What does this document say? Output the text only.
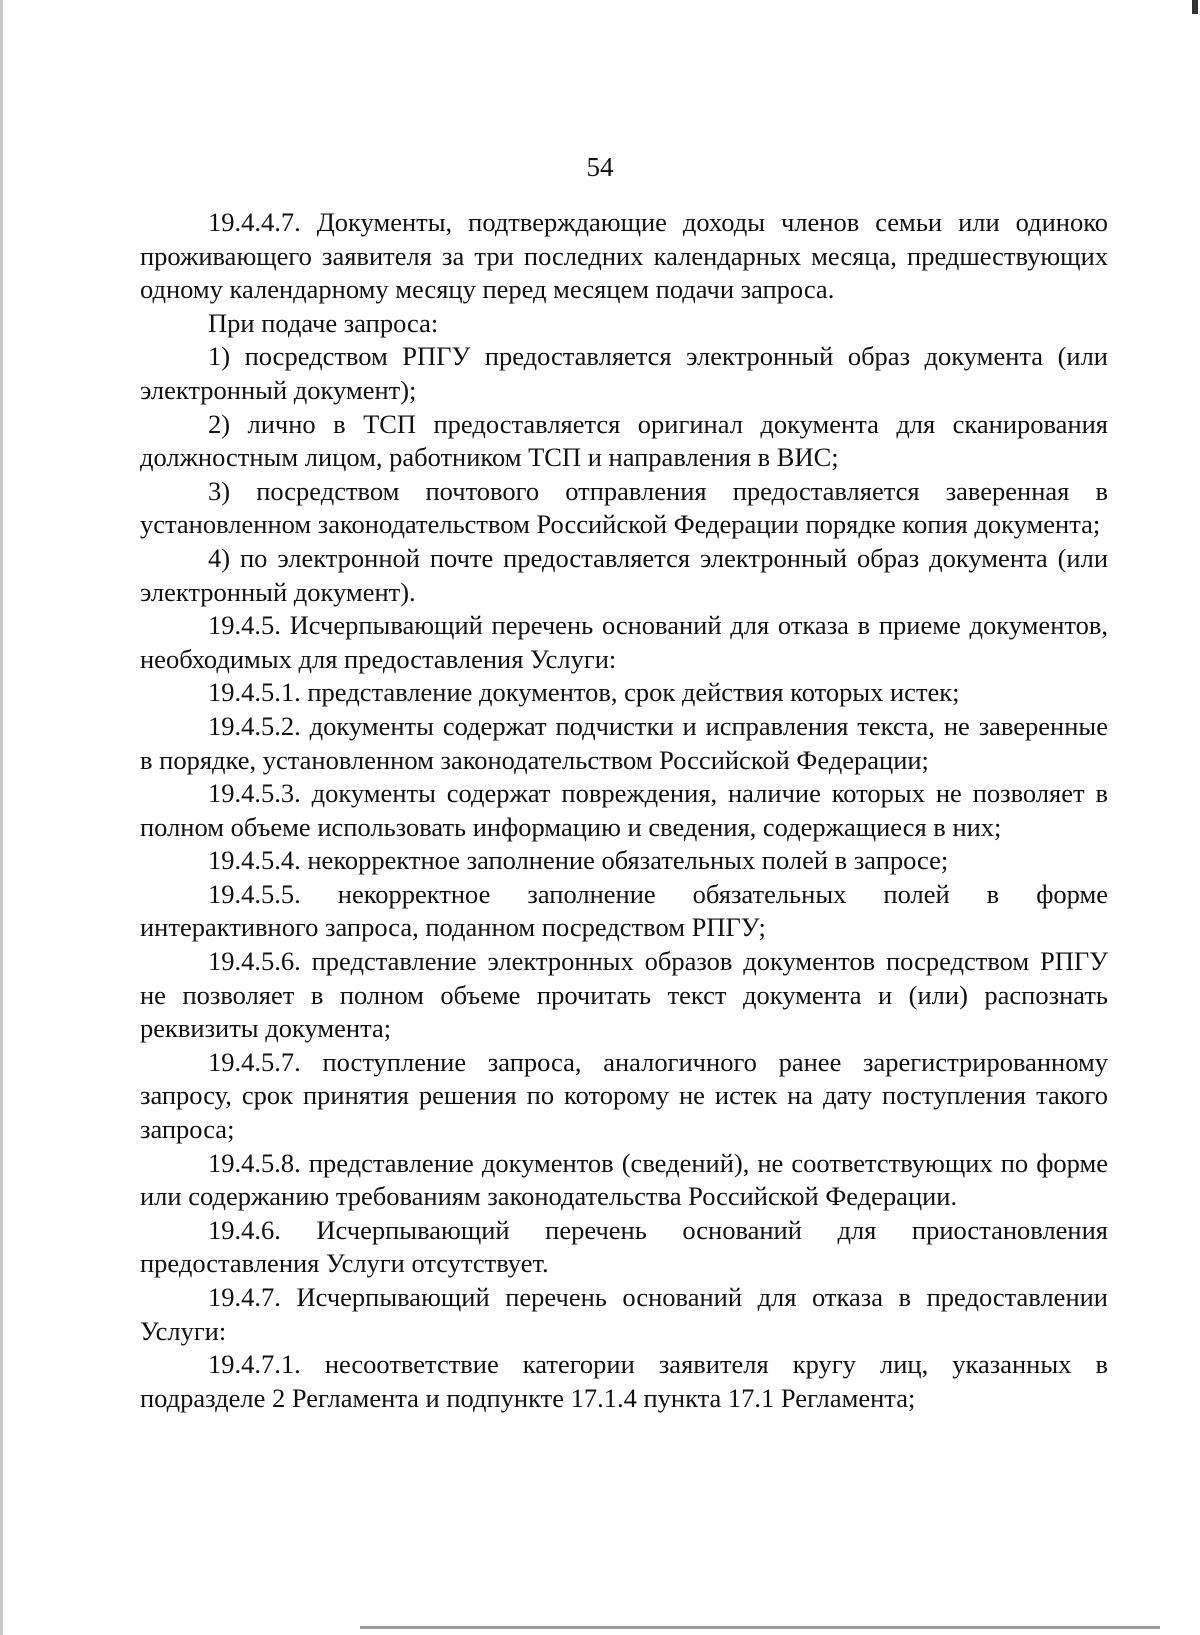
54

19.4.4.7. Документы, подтверждающие доходы членов семьи или одиноко проживающего заявителя за три последних календарных месяца, предшествующих одному календарному месяцу перед месяцем подачи запроса.

При подаче запроса:

1) посредством РПГУ предоставляется электронный образ документа (или электронный документ);

2) лично в ТСП предоставляется оригинал документа для сканирования должностным лицом, работником ТСП и направления в ВИС;

3) посредством почтового отправления предоставляется заверенная в установленном законодательством Российской Федерации порядке копия документа;

4) по электронной почте предоставляется электронный образ документа (или электронный документ).

19.4.5. Исчерпывающий перечень оснований для отказа в приеме документов, необходимых для предоставления Услуги:

19.4.5.1. представление документов, срок действия которых истек;

19.4.5.2. документы содержат подчистки и исправления текста, не заверенные в порядке, установленном законодательством Российской Федерации;

19.4.5.3. документы содержат повреждения, наличие которых не позволяет в полном объеме использовать информацию и сведения, содержащиеся в них;

19.4.5.4. некорректное заполнение обязательных полей в запросе;

19.4.5.5. некорректное заполнение обязательных полей в форме интерактивного запроса, поданном посредством РПГУ;

19.4.5.6. представление электронных образов документов посредством РПГУ не позволяет в полном объеме прочитать текст документа и (или) распознать реквизиты документа;

19.4.5.7. поступление запроса, аналогичного ранее зарегистрированному запросу, срок принятия решения по которому не истек на дату поступления такого запроса;

19.4.5.8. представление документов (сведений), не соответствующих по форме или содержанию требованиям законодательства Российской Федерации.

19.4.6. Исчерпывающий перечень оснований для приостановления предоставления Услуги отсутствует.

19.4.7. Исчерпывающий перечень оснований для отказа в предоставлении Услуги:

19.4.7.1. несоответствие категории заявителя кругу лиц, указанных в подразделе 2 Регламента и подпункте 17.1.4 пункта 17.1 Регламента;
